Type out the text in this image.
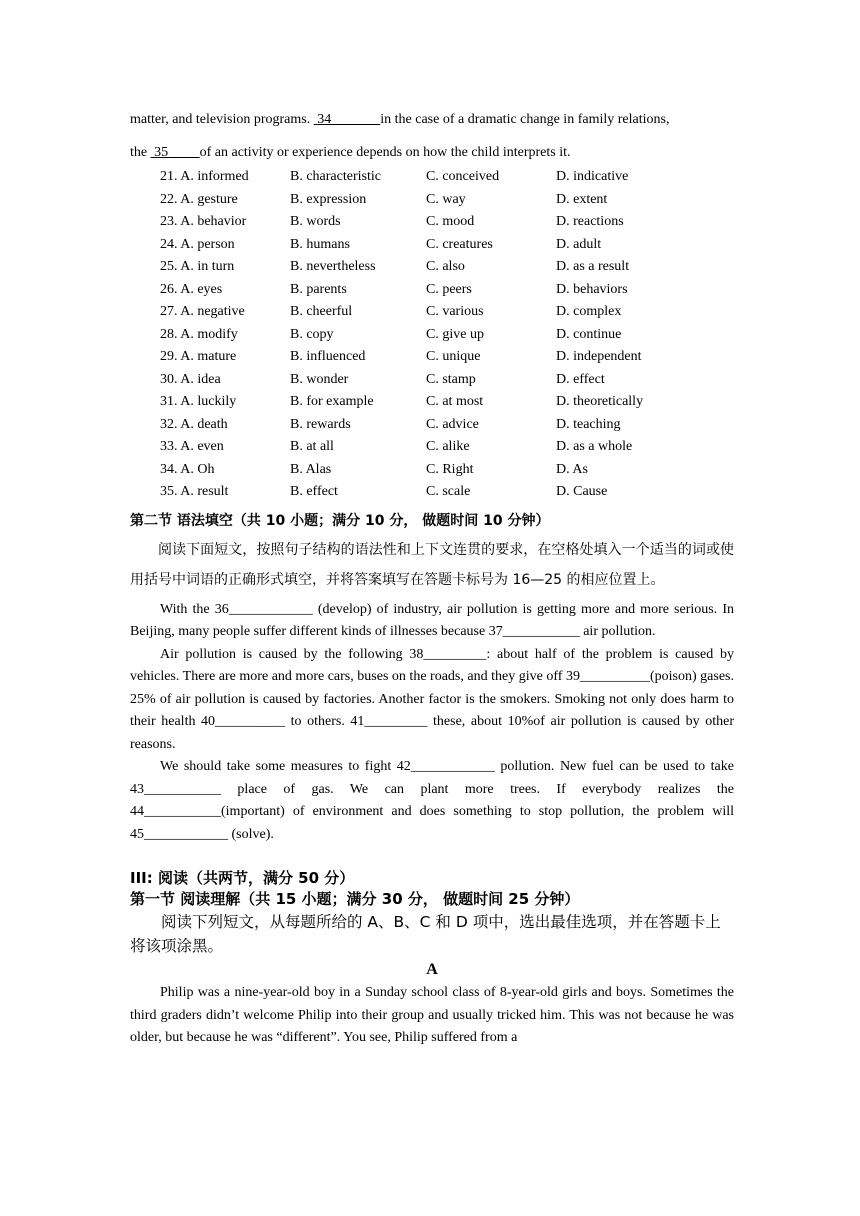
matter, and television programs.  34	in the case of a dramatic change in family relations,
the  35 of an activity or experience depends on how the child interprets it.
21. A. informed	B. characteristic	C. conceived	D. indicative
22. A. gesture	B. expression	C. way	D. extent
23. A. behavior	B. words	C. mood	D. reactions
24. A. person	B. humans	C. creatures	D. adult
25. A. in turn	B. nevertheless	C. also	D. as a result
26. A. eyes	B. parents	C. peers	D. behaviors
27. A. negative	B. cheerful	C. various	D. complex
28. A. modify	B. copy	C. give up	D. continue
29. A. mature	B. influenced	C. unique	D. independent
30. A. idea	B. wonder	C. stamp	D. effect
31. A. luckily	B. for example	C. at most	D. theoretically
32. A. death	B. rewards	C. advice	D. teaching
33. A. even	B. at all	C. alike	D. as a whole
34. A. Oh	B. Alas	C. Right	D. As
35. A. result	B. effect	C. scale	D. Cause
第二节 语法填空（共 10 小题；满分 10 分， 做题时间 10 分钟）
阅读下面短文，按照句子结构的语法性和上下文连贯的要求，在空格处填入一个适当的词或使用括号中词语的正确形式填空，并将答案填写在答题卡标号为 16—25 的相应位置上。

With the 36____________ (develop) of industry, air pollution is getting more and more serious. In Beijing, many people suffer different kinds of illnesses because 37___________ air pollution.

Air pollution is caused by the following 38_________: about half of the problem is caused by vehicles. There are more and more cars, buses on the roads, and they give off 39__________(poison) gases. 25% of air pollution is caused by factories. Another factor is the smokers. Smoking not only does harm to their health 40__________ to others. 41_________ these, about 10%of air pollution is caused by other reasons.

We should take some measures to fight 42____________ pollution. New fuel can be used to take 43___________ place of gas. We can plant more trees. If everybody realizes the 44___________(important) of environment and does something to stop pollution, the problem will 45____________ (solve).

III: 阅读（共两节，满分 50 分）
第一节 阅读理解（共 15 小题；满分 30 分， 做题时间 25 分钟）
阅读下列短文，从每题所给的 A、B、C 和 D 项中，选出最佳选项，并在答题卡上将该项涂黑。
A

Philip was a nine-year-old boy in a Sunday school class of 8-year-old girls and boys. Sometimes the third graders didn’t welcome Philip into their group and usually tricked him. This was not because he was older, but because he was “different”. You see, Philip suffered from a
